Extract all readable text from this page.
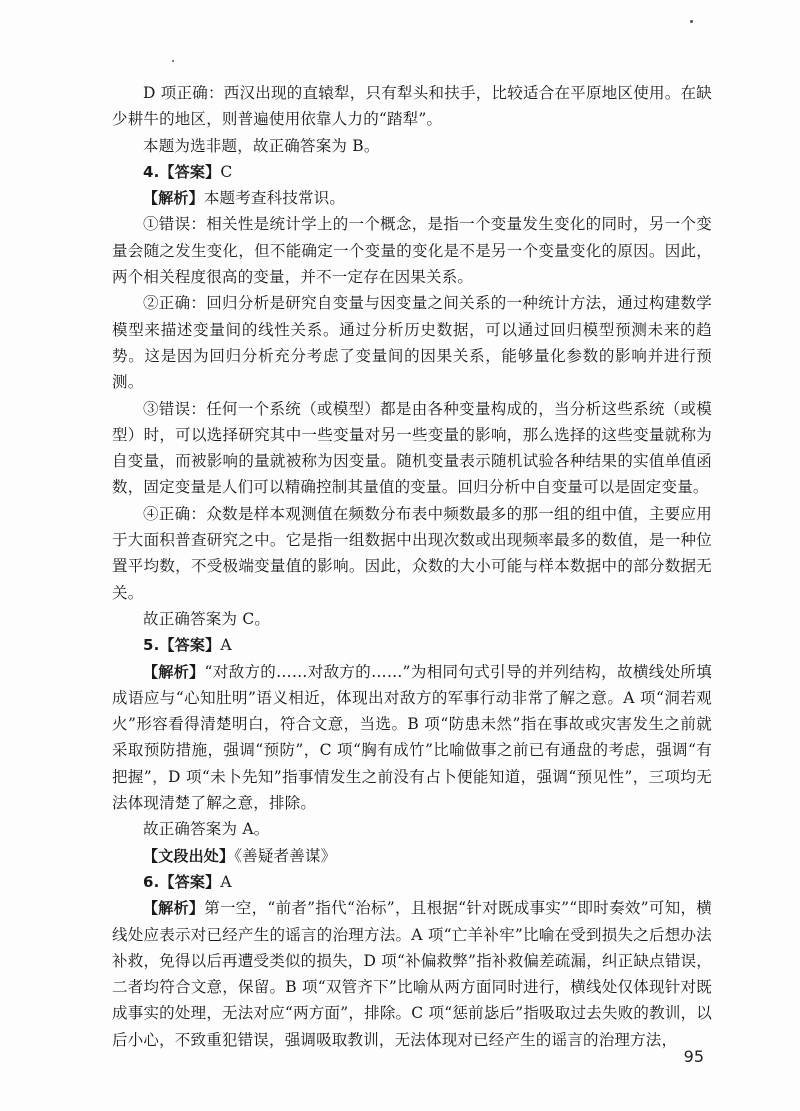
D 项正确：西汉出现的直辕犁，只有犁头和扶手，比较适合在平原地区使用。在缺少耕牛的地区，则普遍使用依靠人力的“踏犁”。

本题为选非题，故正确答案为 B。

4.【答案】C

【解析】本题考查科技常识。

①错误：相关性是统计学上的一个概念，是指一个变量发生变化的同时，另一个变量会随之发生变化，但不能确定一个变量的变化是不是另一个变量变化的原因。因此，两个相关程度很高的变量，并不一定存在因果关系。

②正确：回归分析是研究自变量与因变量之间关系的一种统计方法，通过构建数学模型来描述变量间的线性关系。通过分析历史数据，可以通过回归模型预测未来的趋势。这是因为回归分析充分考虑了变量间的因果关系，能够量化参数的影响并进行预测。

③错误：任何一个系统（或模型）都是由各种变量构成的，当分析这些系统（或模型）时，可以选择研究其中一些变量对另一些变量的影响，那么选择的这些变量就称为自变量，而被影响的量就被称为因变量。随机变量表示随机试验各种结果的实值单值函数，固定变量是人们可以精确控制其量值的变量。回归分析中自变量可以是固定变量。

④正确：众数是样本观测值在频数分布表中频数最多的那一组的组中值，主要应用于大面积普查研究之中。它是指一组数据中出现次数或出现频率最多的数值，是一种位置平均数，不受极端变量值的影响。因此，众数的大小可能与样本数据中的部分数据无关。

故正确答案为 C。

5.【答案】A

【解析】“对敌方的……对敌方的……”为相同句式引导的并列结构，故横线处所填成语应与“心知肚明”语义相近，体现出对敌方的军事行动非常了解之意。A 项“洞若观火”形容看得清楚明白，符合文意，当选。B 项“防患未然”指在事故或灾害发生之前就采取预防措施，强调“预防”，C 项“胸有成竹”比喻做事之前已有通盘的考虑，强调“有把握”，D 项“未卜先知”指事情发生之前没有占卜便能知道，强调“预见性”，三项均无法体现清楚了解之意，排除。

故正确答案为 A。

【文段出处】《善疑者善谋》

6.【答案】A

【解析】第一空，“前者”指代“治标”，且根据“针对既成事实”“即时奏效”可知，横线处应表示对已经产生的谣言的治理方法。A 项“亡羊补牢”比喻在受到损失之后想办法补救，免得以后再遭受类似的损失，D 项“补偏救弊”指补救偏差疏漏，纠正缺点错误，二者均符合文意，保留。B 项“双管齐下”比喻从两方面同时进行，横线处仅体现针对既成事实的处理，无法对应“两方面”，排除。C 项“惩前毖后”指吸取过去失败的教训，以后小心，不致重犯错误，强调吸取教训，无法体现对已经产生的谣言的治理方法，

95
